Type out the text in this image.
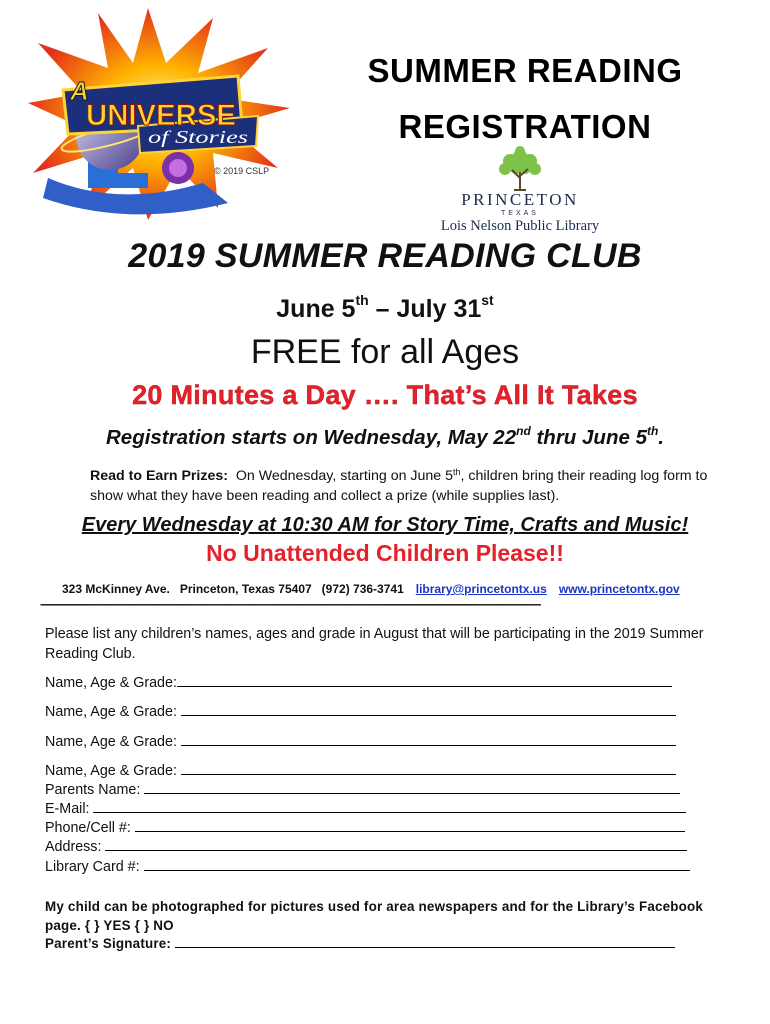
A
UNIVERSE
of Stories
© 2019 CSLP
SUMMER READING
REGISTRATION
PRINCETON
TEXAS
Lois Nelson Public Library
2019 SUMMER READING CLUB
June 5th – July 31st
FREE for all Ages
20 Minutes a Day …. That’s All It Takes
Registration starts on Wednesday, May 22nd thru June 5th.
Read to Earn Prizes:  On Wednesday, starting on June 5th, children bring their reading log form to show what they have been reading and collect a prize (while supplies last).
Every Wednesday at 10:30 AM for Story Time, Crafts and Music!
No Unattended Children Please!!
323 McKinney Ave.   Princeton, Texas 75407   (972) 736-3741 library@princetontx.us www.princetontx.gov
-----------------------------------------------------------------------------------------------------------------------------------------------------------------------
Please list any children’s names, ages and grade in August that will be participating in the 2019 Summer Reading Club.
Name, Age & Grade:
Name, Age & Grade:
Name, Age & Grade:
Name, Age & Grade:
Parents Name:
E-Mail:
Phone/Cell #:
Address:
Library Card #:
My child can be photographed for pictures used for area newspapers and for the Library’s Facebook page. { } YES { } NO
Parent’s Signature:
